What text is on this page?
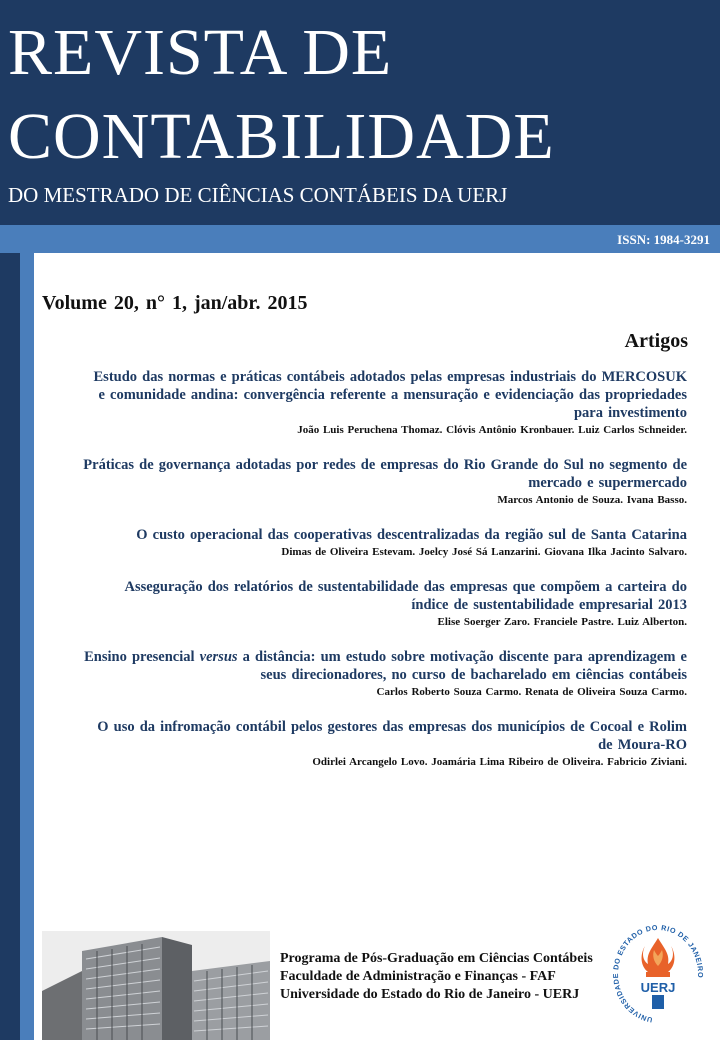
REVISTA DE
CONTABILIDADE
DO MESTRADO DE CIÊNCIAS CONTÁBEIS DA UERJ
ISSN: 1984-3291
Volume 20, n° 1, jan/abr. 2015
Artigos
Estudo das normas e práticas contábeis adotados pelas empresas industriais do MERCOSUK
e comunidade andina: convergência referente a mensuração e evidenciação das propriedades
para investimento
João Luis Peruchena Thomaz. Clóvis Antônio Kronbauer. Luiz Carlos Schneider.
Práticas de governança adotadas por redes de empresas do Rio Grande do Sul no segmento de
mercado e supermercado
Marcos Antonio de Souza. Ivana Basso.
O custo operacional das cooperativas descentralizadas da região sul de Santa Catarina
Dimas de Oliveira Estevam. Joelcy José Sá Lanzarini. Giovana Ilka Jacinto Salvaro.
Asseguração dos relatórios de sustentabilidade das empresas que compõem a carteira do
índice de sustentabilidade empresarial 2013
Elise Soerger Zaro. Franciele Pastre. Luiz Alberton.
Ensino presencial versus a distância: um estudo sobre motivação discente para aprendizagem e
seus direcionadores, no curso de bacharelado em ciências contábeis
Carlos Roberto Souza Carmo. Renata de Oliveira Souza Carmo.
O uso da infromação contábil pelos gestores das empresas dos municípios de Cocoal e Rolim
de Moura-RO
Odirlei Arcangelo Lovo. Joamária Lima Ribeiro de Oliveira. Fabricio Ziviani.
Programa de Pós-Graduação em Ciências Contábeis
Faculdade de Administração e Finanças - FAF
Universidade do Estado do Rio de Janeiro - UERJ
UNIVERSIDAD DO ESTADO DO RIO DE JANEI
UERJ
